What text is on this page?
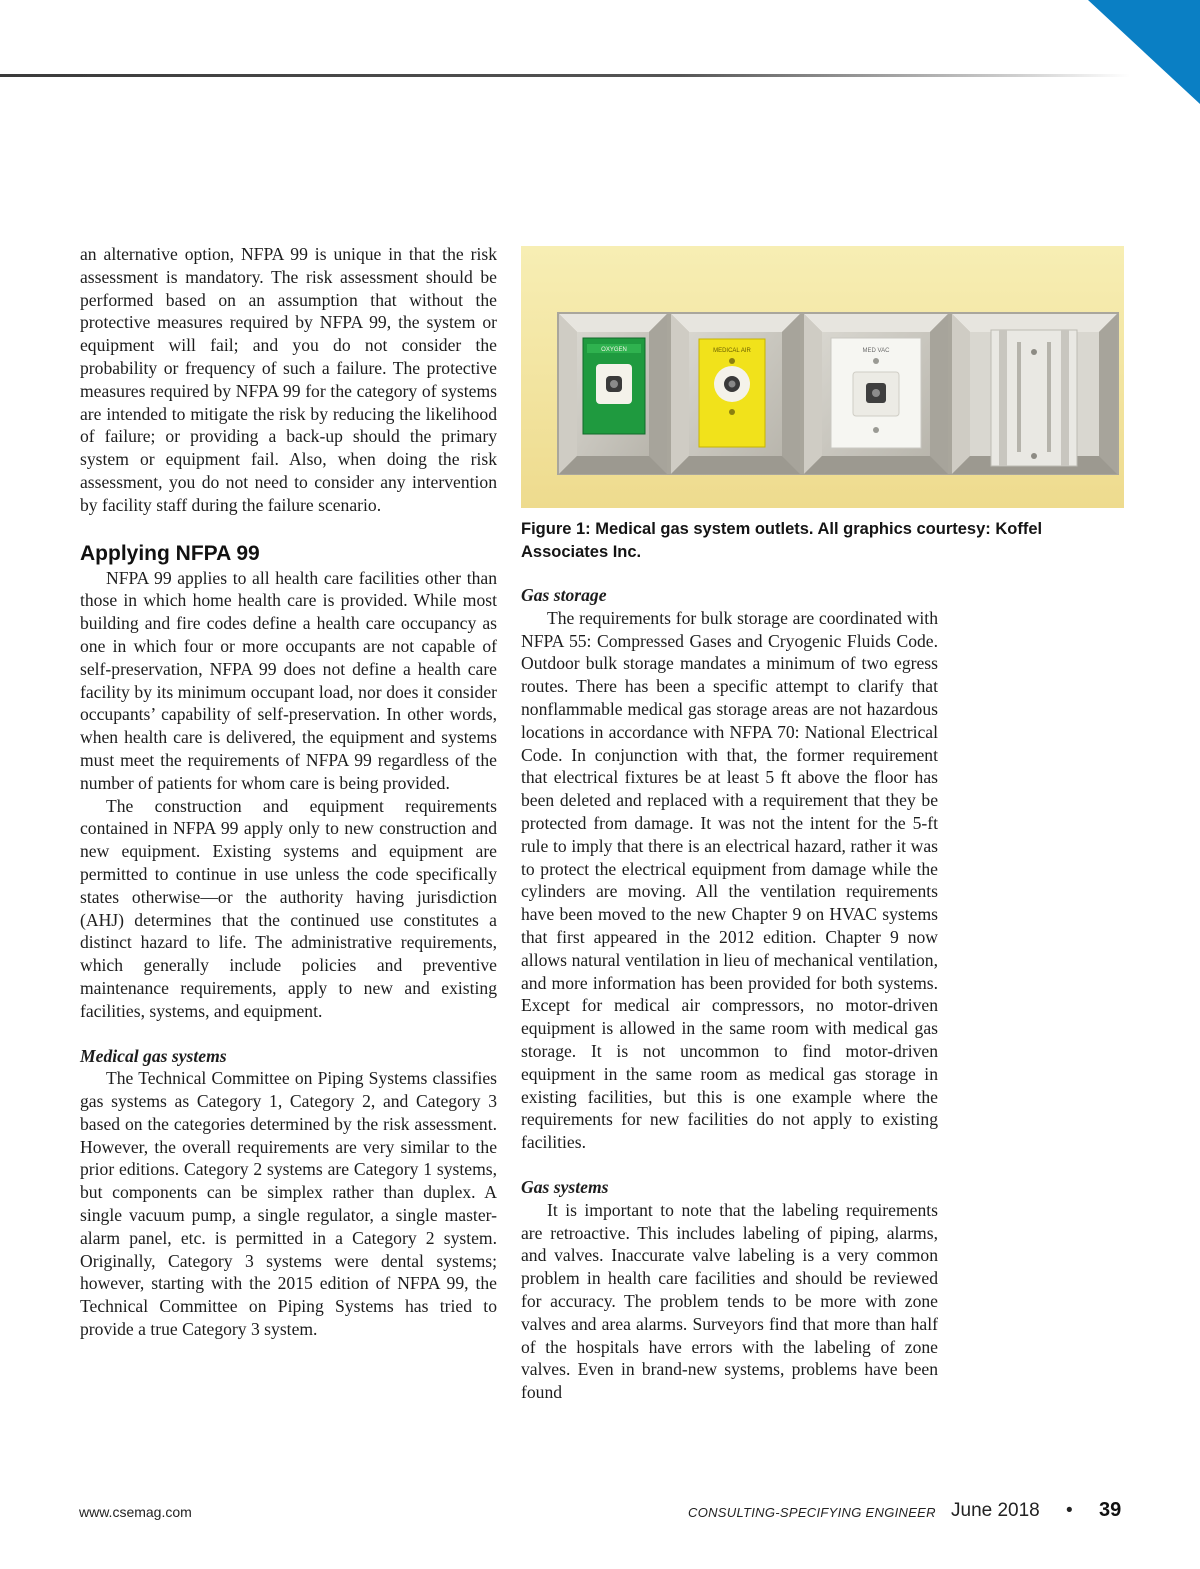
an alternative option, NFPA 99 is unique in that the risk assessment is mandatory. The risk assessment should be performed based on an assumption that without the protective measures required by NFPA 99, the system or equipment will fail; and you do not consider the probability or frequency of such a failure. The protective measures required by NFPA 99 for the category of systems are intended to mitigate the risk by reducing the likelihood of failure; or providing a back-up should the primary system or equipment fail. Also, when doing the risk assessment, you do not need to consider any intervention by facility staff during the failure scenario.

Applying NFPA 99

NFPA 99 applies to all health care facilities other than those in which home health care is provided. While most building and fire codes define a health care occupancy as one in which four or more occupants are not capable of self-preservation, NFPA 99 does not define a health care facility by its minimum occupant load, nor does it consider occupants’ capability of self-preservation. In other words, when health care is delivered, the equipment and systems must meet the requirements of NFPA 99 regardless of the number of patients for whom care is being provided.

The construction and equipment requirements contained in NFPA 99 apply only to new construction and new equipment. Existing systems and equipment are permitted to continue in use unless the code specifically states otherwise—or the authority having jurisdiction (AHJ) determines that the continued use constitutes a distinct hazard to life. The administrative requirements, which generally include policies and preventive maintenance requirements, apply to new and existing facilities, systems, and equipment.

Medical gas systems

The Technical Committee on Piping Systems classifies gas systems as Category 1, Category 2, and Category 3 based on the categories determined by the risk assessment. However, the overall requirements are very similar to the prior editions. Category 2 systems are Category 1 systems, but components can be simplex rather than duplex. A single vacuum pump, a single regulator, a single master-alarm panel, etc. is permitted in a Category 2 system. Originally, Category 3 systems were dental systems; however, starting with the 2015 edition of NFPA 99, the Technical Committee on Piping Systems has tried to provide a true Category 3 system.

OXYGEN	MEDICAL AIR	MED VAC
Figure 1: Medical gas system outlets. All graphics courtesy: Koffel Associates Inc.
Gas storage

The requirements for bulk storage are coordinated with NFPA 55: Compressed Gases and Cryogenic Fluids Code. Outdoor bulk storage mandates a minimum of two egress routes. There has been a specific attempt to clarify that nonflammable medical gas storage areas are not hazardous locations in accordance with NFPA 70: National Electrical Code. In conjunction with that, the former requirement that electrical fixtures be at least 5 ft above the floor has been deleted and replaced with a requirement that they be protected from damage. It was not the intent for the 5-ft rule to imply that there is an electrical hazard, rather it was to protect the electrical equipment from damage while the cylinders are moving. All the ventilation requirements have been moved to the new Chapter 9 on HVAC systems that first appeared in the 2012 edition. Chapter 9 now allows natural ventilation in lieu of mechanical ventilation, and more information has been provided for both systems. Except for medical air compressors, no motor-driven equipment is allowed in the same room with medical gas storage. It is not uncommon to find motor-driven equipment in the same room as medical gas storage in existing facilities, but this is one example where the requirements for new facilities do not apply to existing facilities.

Gas systems

It is important to note that the labeling requirements are retroactive. This includes labeling of piping, alarms, and valves. Inaccurate valve labeling is a very common problem in health care facilities and should be reviewed for accuracy. The problem tends to be more with zone valves and area alarms. Surveyors find that more than half of the hospitals have errors with the labeling of zone valves. Even in brand-new systems, problems have been found

www.csemag.com	CONSULTING-SPECIFYING ENGINEER June 2018 • 39
